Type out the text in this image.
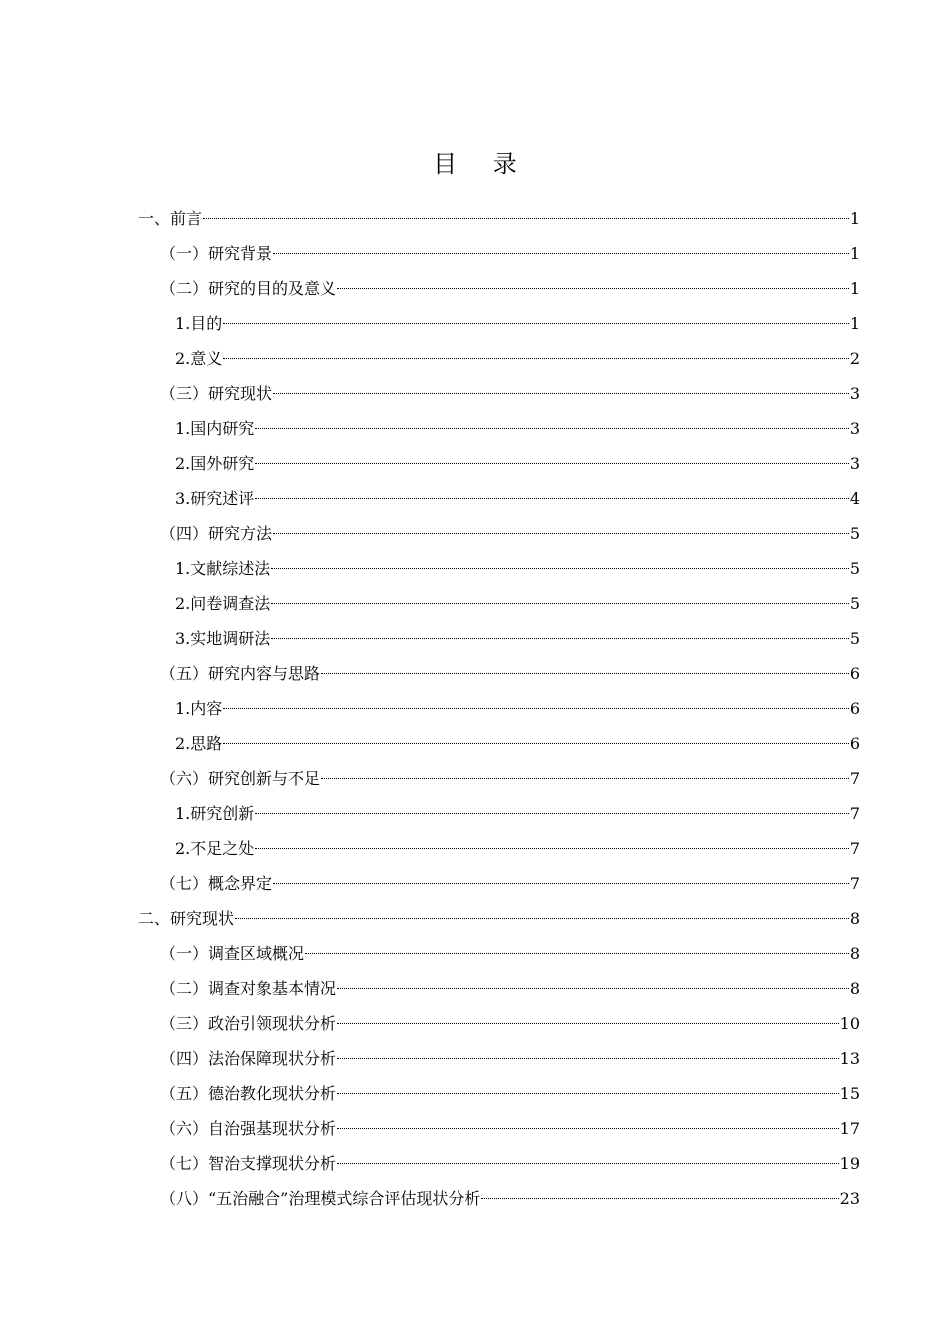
目 录
一、前言	1
（一）研究背景	1
（二）研究的目的及意义	1
1.目的	1
2.意义	2
（三）研究现状	3
1.国内研究	3
2.国外研究	3
3.研究述评	4
（四）研究方法	5
1.文献综述法	5
2.问卷调查法	5
3.实地调研法	5
（五）研究内容与思路	6
1.内容	6
2.思路	6
（六）研究创新与不足	7
1.研究创新	7
2.不足之处	7
（七）概念界定	7
二、研究现状	8
（一）调查区域概况	8
（二）调查对象基本情况	8
（三）政治引领现状分析	10
（四）法治保障现状分析	13
（五）德治教化现状分析	15
（六）自治强基现状分析	17
（七）智治支撑现状分析	19
（八）“五治融合”治理模式综合评估现状分析	23
